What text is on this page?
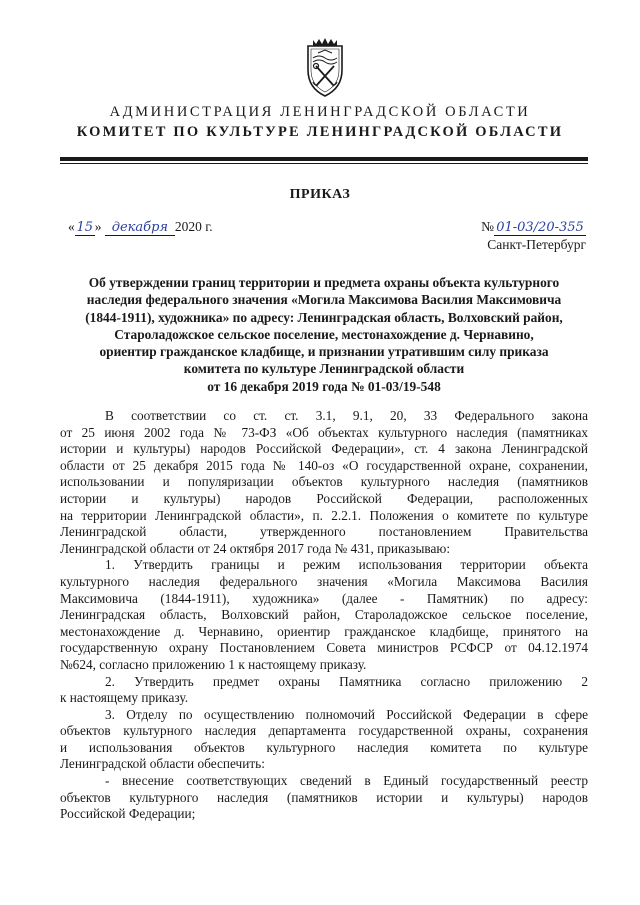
АДМИНИСТРАЦИЯ ЛЕНИНГРАДСКОЙ ОБЛАСТИ
КОМИТЕТ ПО КУЛЬТУРЕ ЛЕНИНГРАДСКОЙ ОБЛАСТИ
ПРИКАЗ
« 15 » декабря 2020 г.	№ 01-03/20-355
Санкт-Петербург
Об утверждении границ территории и предмета охраны объекта культурного
наследия федерального значения «Могила Максимова Василия Максимовича
(1844-1911), художника» по адресу: Ленинградская область, Волховский район,
Староладожское сельское поселение, местонахождение д. Чернавино,
ориентир гражданское кладбище, и признании утратившим силу приказа
комитета по культуре Ленинградской области
от 16 декабря 2019 года № 01-03/19-548
В соответствии со ст. ст. 3.1, 9.1, 20, 33 Федерального закона
от 25 июня 2002 года № 73-ФЗ «Об объектах культурного наследия (памятниках
истории и культуры) народов Российской Федерации», ст. 4 закона Ленинградской
области от 25 декабря 2015 года № 140-оз «О государственной охране, сохранении,
использовании и популяризации объектов культурного наследия (памятников
истории и культуры) народов Российской Федерации, расположенных
на территории Ленинградской области», п. 2.2.1. Положения о комитете по культуре
Ленинградской области, утвержденного постановлением Правительства
Ленинградской области от 24 октября 2017 года № 431, приказываю:
1. Утвердить границы и режим использования территории объекта
культурного наследия федерального значения «Могила Максимова Василия
Максимовича (1844-1911), художника» (далее - Памятник) по адресу:
Ленинградская область, Волховский район, Староладожское сельское поселение,
местонахождение д. Чернавино, ориентир гражданское кладбище, принятого на
государственную охрану Постановлением Совета министров РСФСР от 04.12.1974
№624, согласно приложению 1 к настоящему приказу.
2. Утвердить предмет охраны Памятника согласно приложению 2
к настоящему приказу.
3. Отделу по осуществлению полномочий Российской Федерации в сфере
объектов культурного наследия департамента государственной охраны, сохранения
и использования объектов культурного наследия комитета по культуре
Ленинградской области обеспечить:
- внесение соответствующих сведений в Единый государственный реестр
объектов культурного наследия (памятников истории и культуры) народов
Российской Федерации;
